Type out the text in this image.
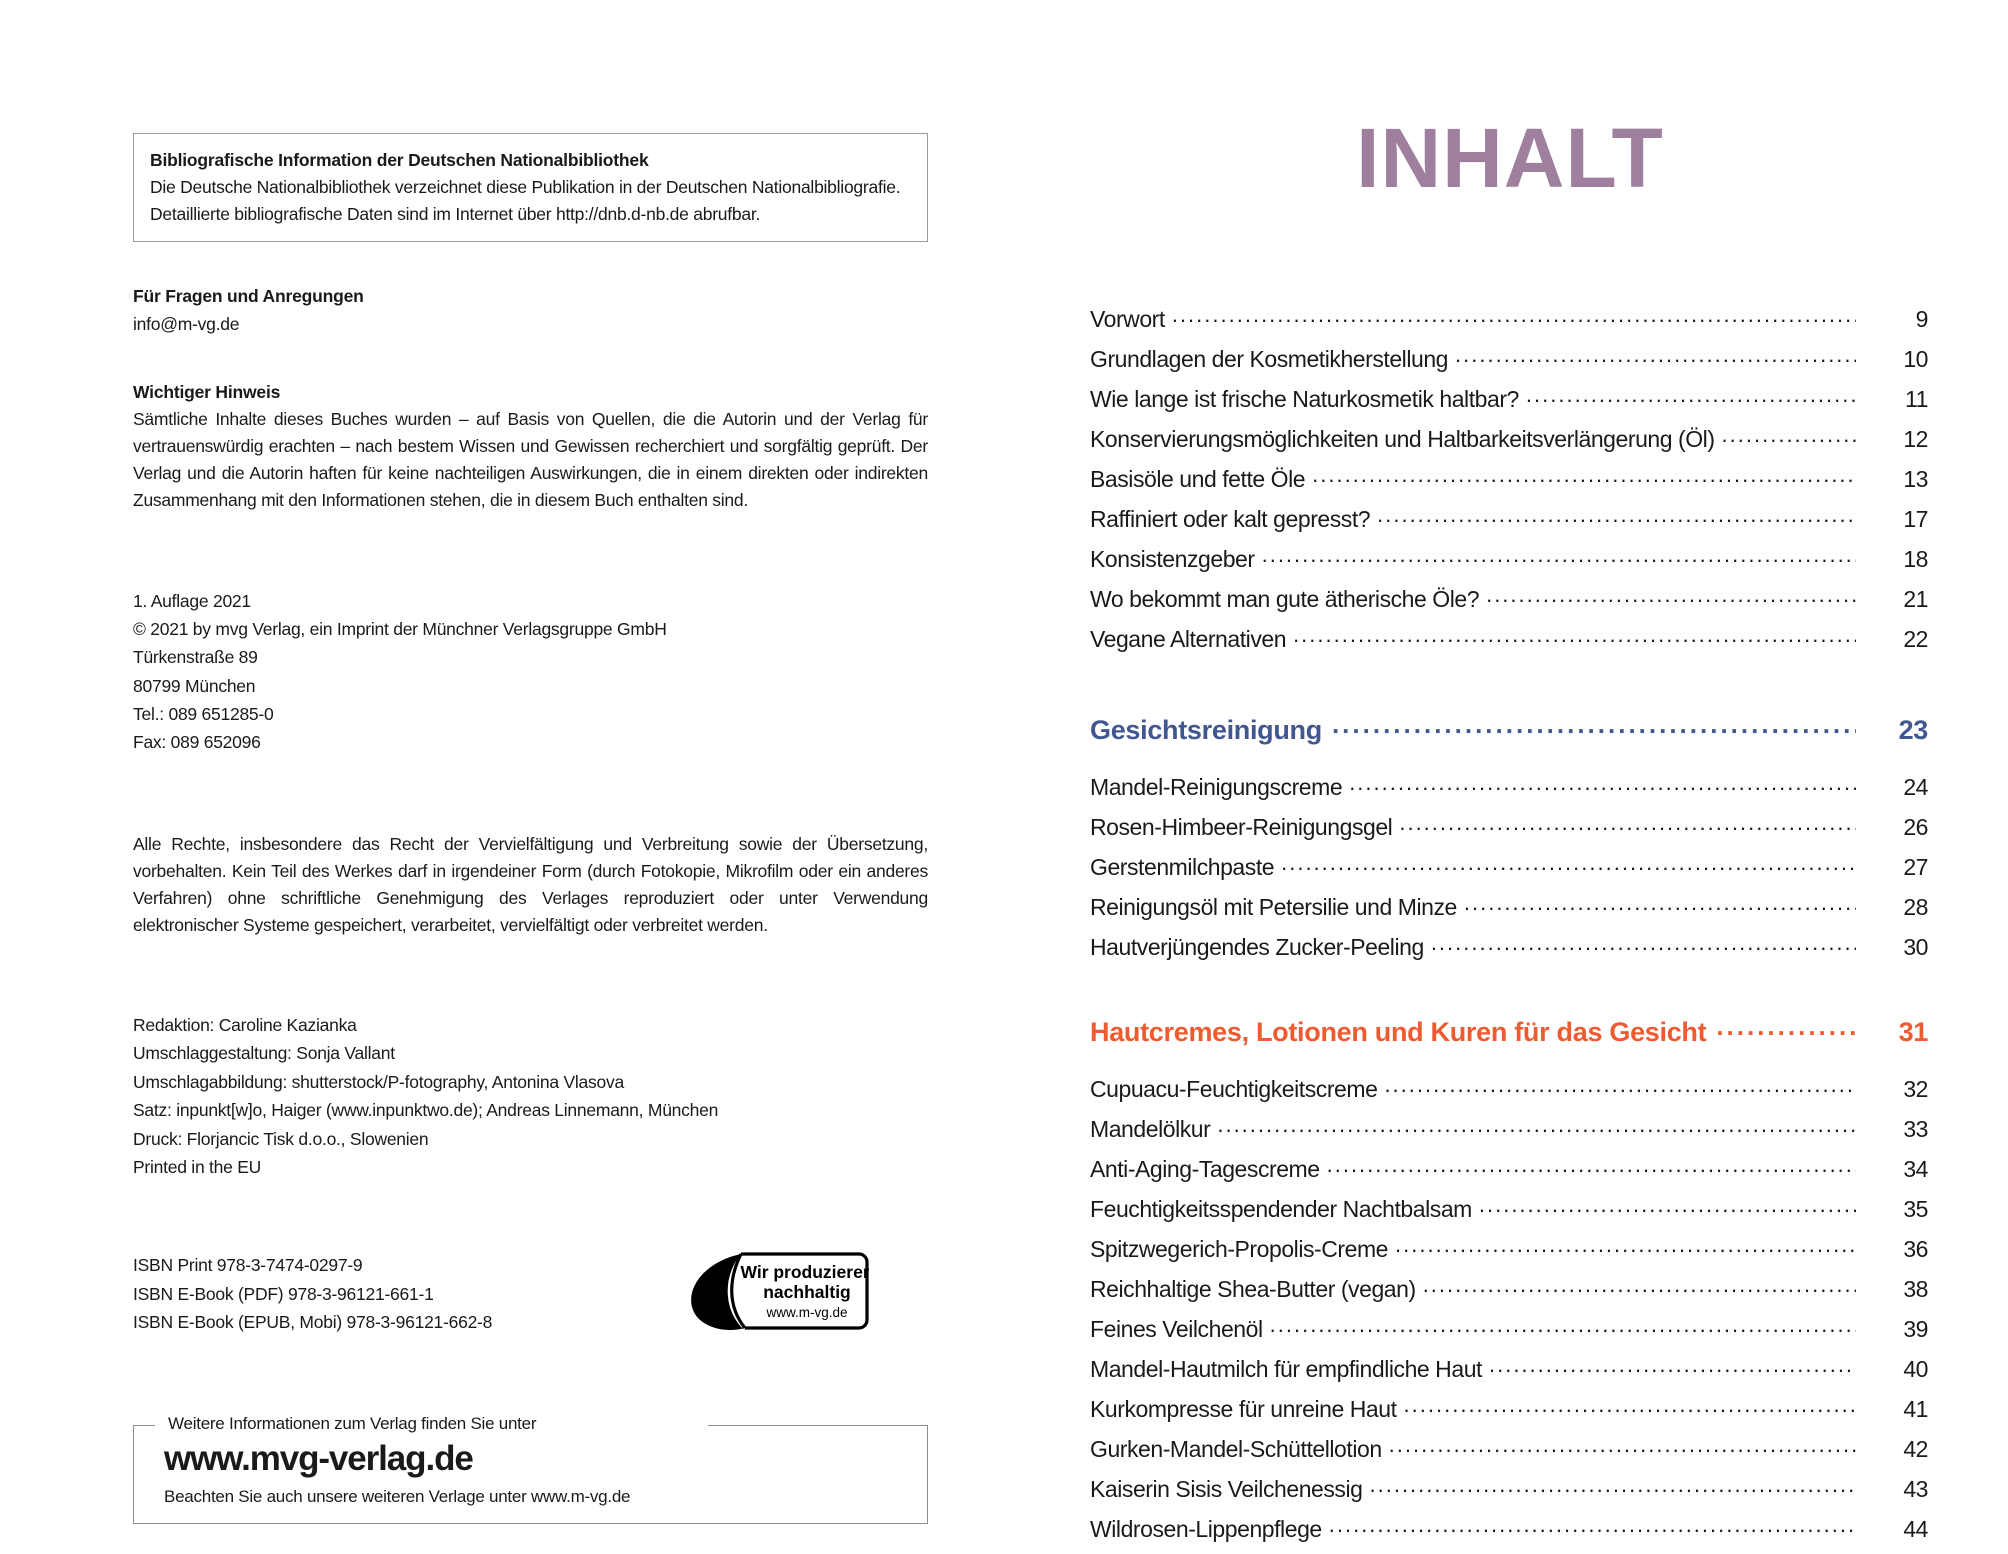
Bibliografische Information der Deutschen Nationalbibliothek
Die Deutsche Nationalbibliothek verzeichnet diese Publikation in der Deutschen Nationalbibliografie.
Detaillierte bibliografische Daten sind im Internet über http://dnb.d-nb.de abrufbar.
Für Fragen und Anregungen
info@m-vg.de
Wichtiger Hinweis
Sämtliche Inhalte dieses Buches wurden – auf Basis von Quellen, die die Autorin und der Verlag für vertrauenswürdig erachten – nach bestem Wissen und Gewissen recherchiert und sorgfältig geprüft. Der Verlag und die Autorin haften für keine nachteiligen Auswirkungen, die in einem direkten oder indirekten Zusammenhang mit den Informationen stehen, die in diesem Buch enthalten sind.
1. Auflage 2021
© 2021 by mvg Verlag, ein Imprint der Münchner Verlagsgruppe GmbH
Türkenstraße 89
80799 München
Tel.: 089 651285-0
Fax: 089 652096
Alle Rechte, insbesondere das Recht der Vervielfältigung und Verbreitung sowie der Übersetzung, vorbehalten. Kein Teil des Werkes darf in irgendeiner Form (durch Fotokopie, Mikrofilm oder ein anderes Verfahren) ohne schriftliche Genehmigung des Verlages reproduziert oder unter Verwendung elektronischer Systeme gespeichert, verarbeitet, vervielfältigt oder verbreitet werden.
Redaktion: Caroline Kazianka
Umschlaggestaltung: Sonja Vallant
Umschlagabbildung: shutterstock/P-fotography, Antonina Vlasova
Satz: inpunkt[w]o, Haiger (www.inpunktwo.de); Andreas Linnemann, München
Druck: Florjancic Tisk d.o.o., Slowenien
Printed in the EU
ISBN Print 978-3-7474-0297-9
ISBN E-Book (PDF) 978-3-96121-661-1
ISBN E-Book (EPUB, Mobi) 978-3-96121-662-8
Wir produzieren
nachhaltig
www.m-vg.de
Weitere Informationen zum Verlag finden Sie unter
www.mvg-verlag.de
Beachten Sie auch unsere weiteren Verlage unter www.m-vg.de
INHALT
Vorwort .....	9
Grundlagen der Kosmetikherstellung .....	10
Wie lange ist frische Naturkosmetik haltbar? .....	11
Konservierungsmöglichkeiten und Haltbarkeitsverlängerung (Öl) .....	12
Basisöle und fette Öle .....	13
Raffiniert oder kalt gepresst? .....	17
Konsistenzgeber .....	18
Wo bekommt man gute ätherische Öle? .....	21
Vegane Alternativen .....	22
Gesichtsreinigung .....	23
Mandel-Reinigungscreme .....	24
Rosen-Himbeer-Reinigungsgel .....	26
Gerstenmilchpaste .....	27
Reinigungsöl mit Petersilie und Minze .....	28
Hautverjüngendes Zucker-Peeling .....	30
Hautcremes, Lotionen und Kuren für das Gesicht .....	31
Cupuacu-Feuchtigkeitscreme .....	32
Mandelölkur .....	33
Anti-Aging-Tagescreme .....	34
Feuchtigkeitsspendender Nachtbalsam .....	35
Spitzwegerich-Propolis-Creme .....	36
Reichhaltige Shea-Butter (vegan) .....	38
Feines Veilchenöl .....	39
Mandel-Hautmilch für empfindliche Haut .....	40
Kurkompresse für unreine Haut .....	41
Gurken-Mandel-Schüttellotion .....	42
Kaiserin Sisis Veilchenessig .....	43
Wildrosen-Lippenpflege .....	44
